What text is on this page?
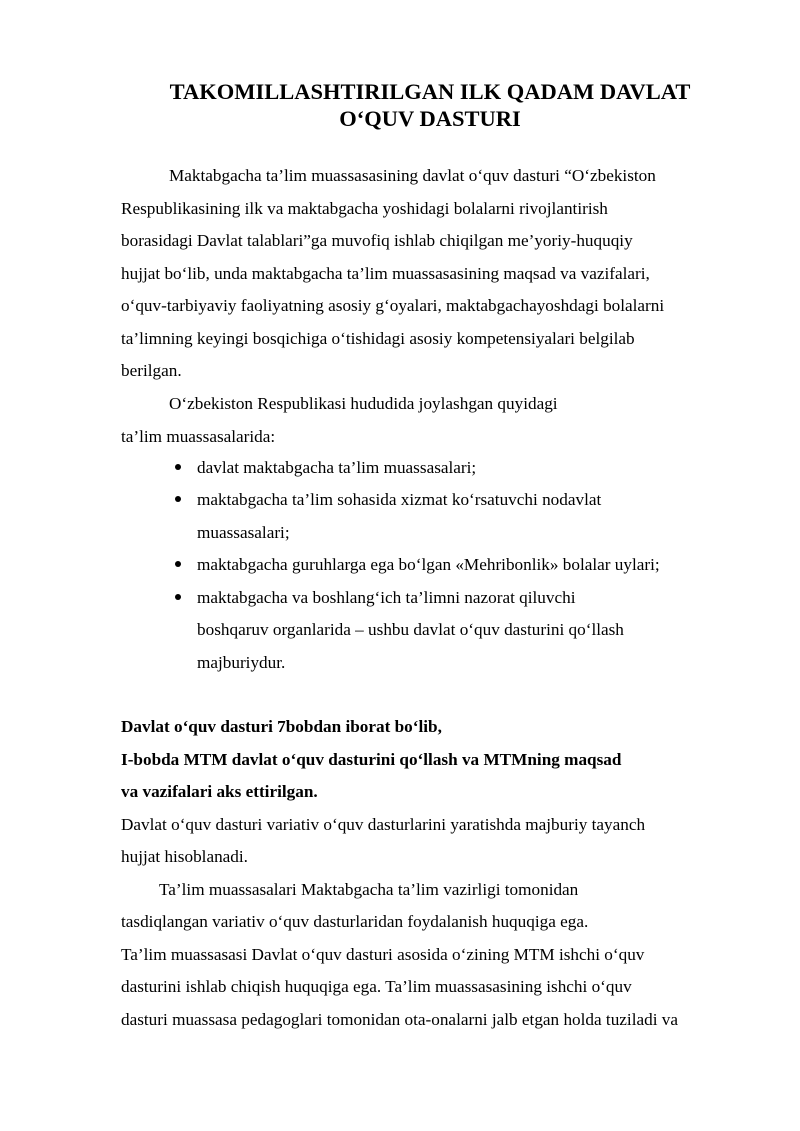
TAKOMILLASHTIRILGAN ILK QADAM DAVLAT
O‘QUV DASTURI
Maktabgacha ta’lim muassasasining davlat o‘quv dasturi “O‘zbekiston
Respublikasining ilk va maktabgacha yoshidagi bolalarni rivojlantirish
borasidagi Davlat talablari”ga muvofiq ishlab chiqilgan me’yoriy-huquqiy
hujjat bo‘lib, unda maktabgacha ta’lim muassasasining maqsad va vazifalari,
o‘quv-tarbiyaviy faoliyatning asosiy g‘oyalari, maktabgachayoshdagi bolalarni
ta’limning keyingi bosqichiga o‘tishidagi asosiy kompetensiyalari belgilab
berilgan.
O‘zbekiston Respublikasi hududida joylashgan quyidagi
ta’lim muassasalarida:
davlat maktabgacha ta’lim muassasalari;
maktabgacha ta’lim sohasida xizmat ko‘rsatuvchi nodavlat
muassasalari;
maktabgacha guruhlarga ega bo‘lgan «Mehribonlik» bolalar uylari;
maktabgacha va boshlang‘ich ta’limni nazorat qiluvchi
boshqaruv organlarida – ushbu davlat o‘quv dasturini qo‘llash
majburiydur.
Davlat o‘quv dasturi 7bobdan iborat bo‘lib,
I-bobda MTM davlat o‘quv dasturini qo‘llash va MTMning maqsad
va vazifalari aks ettirilgan.
Davlat o‘quv dasturi variativ o‘quv dasturlarini yaratishda majburiy tayanch
hujjat hisoblanadi.
Ta’lim muassasalari Maktabgacha ta’lim vazirligi tomonidan
tasdiqlangan variativ o‘quv dasturlaridan foydalanish huquqiga ega.
Ta’lim muassasasi Davlat o‘quv dasturi asosida o‘zining MTM ishchi o‘quv
dasturini ishlab chiqish huquqiga ega. Ta’lim muassasasining ishchi o‘quv
dasturi muassasa pedagoglari tomonidan ota-onalarni jalb etgan holda tuziladi va
